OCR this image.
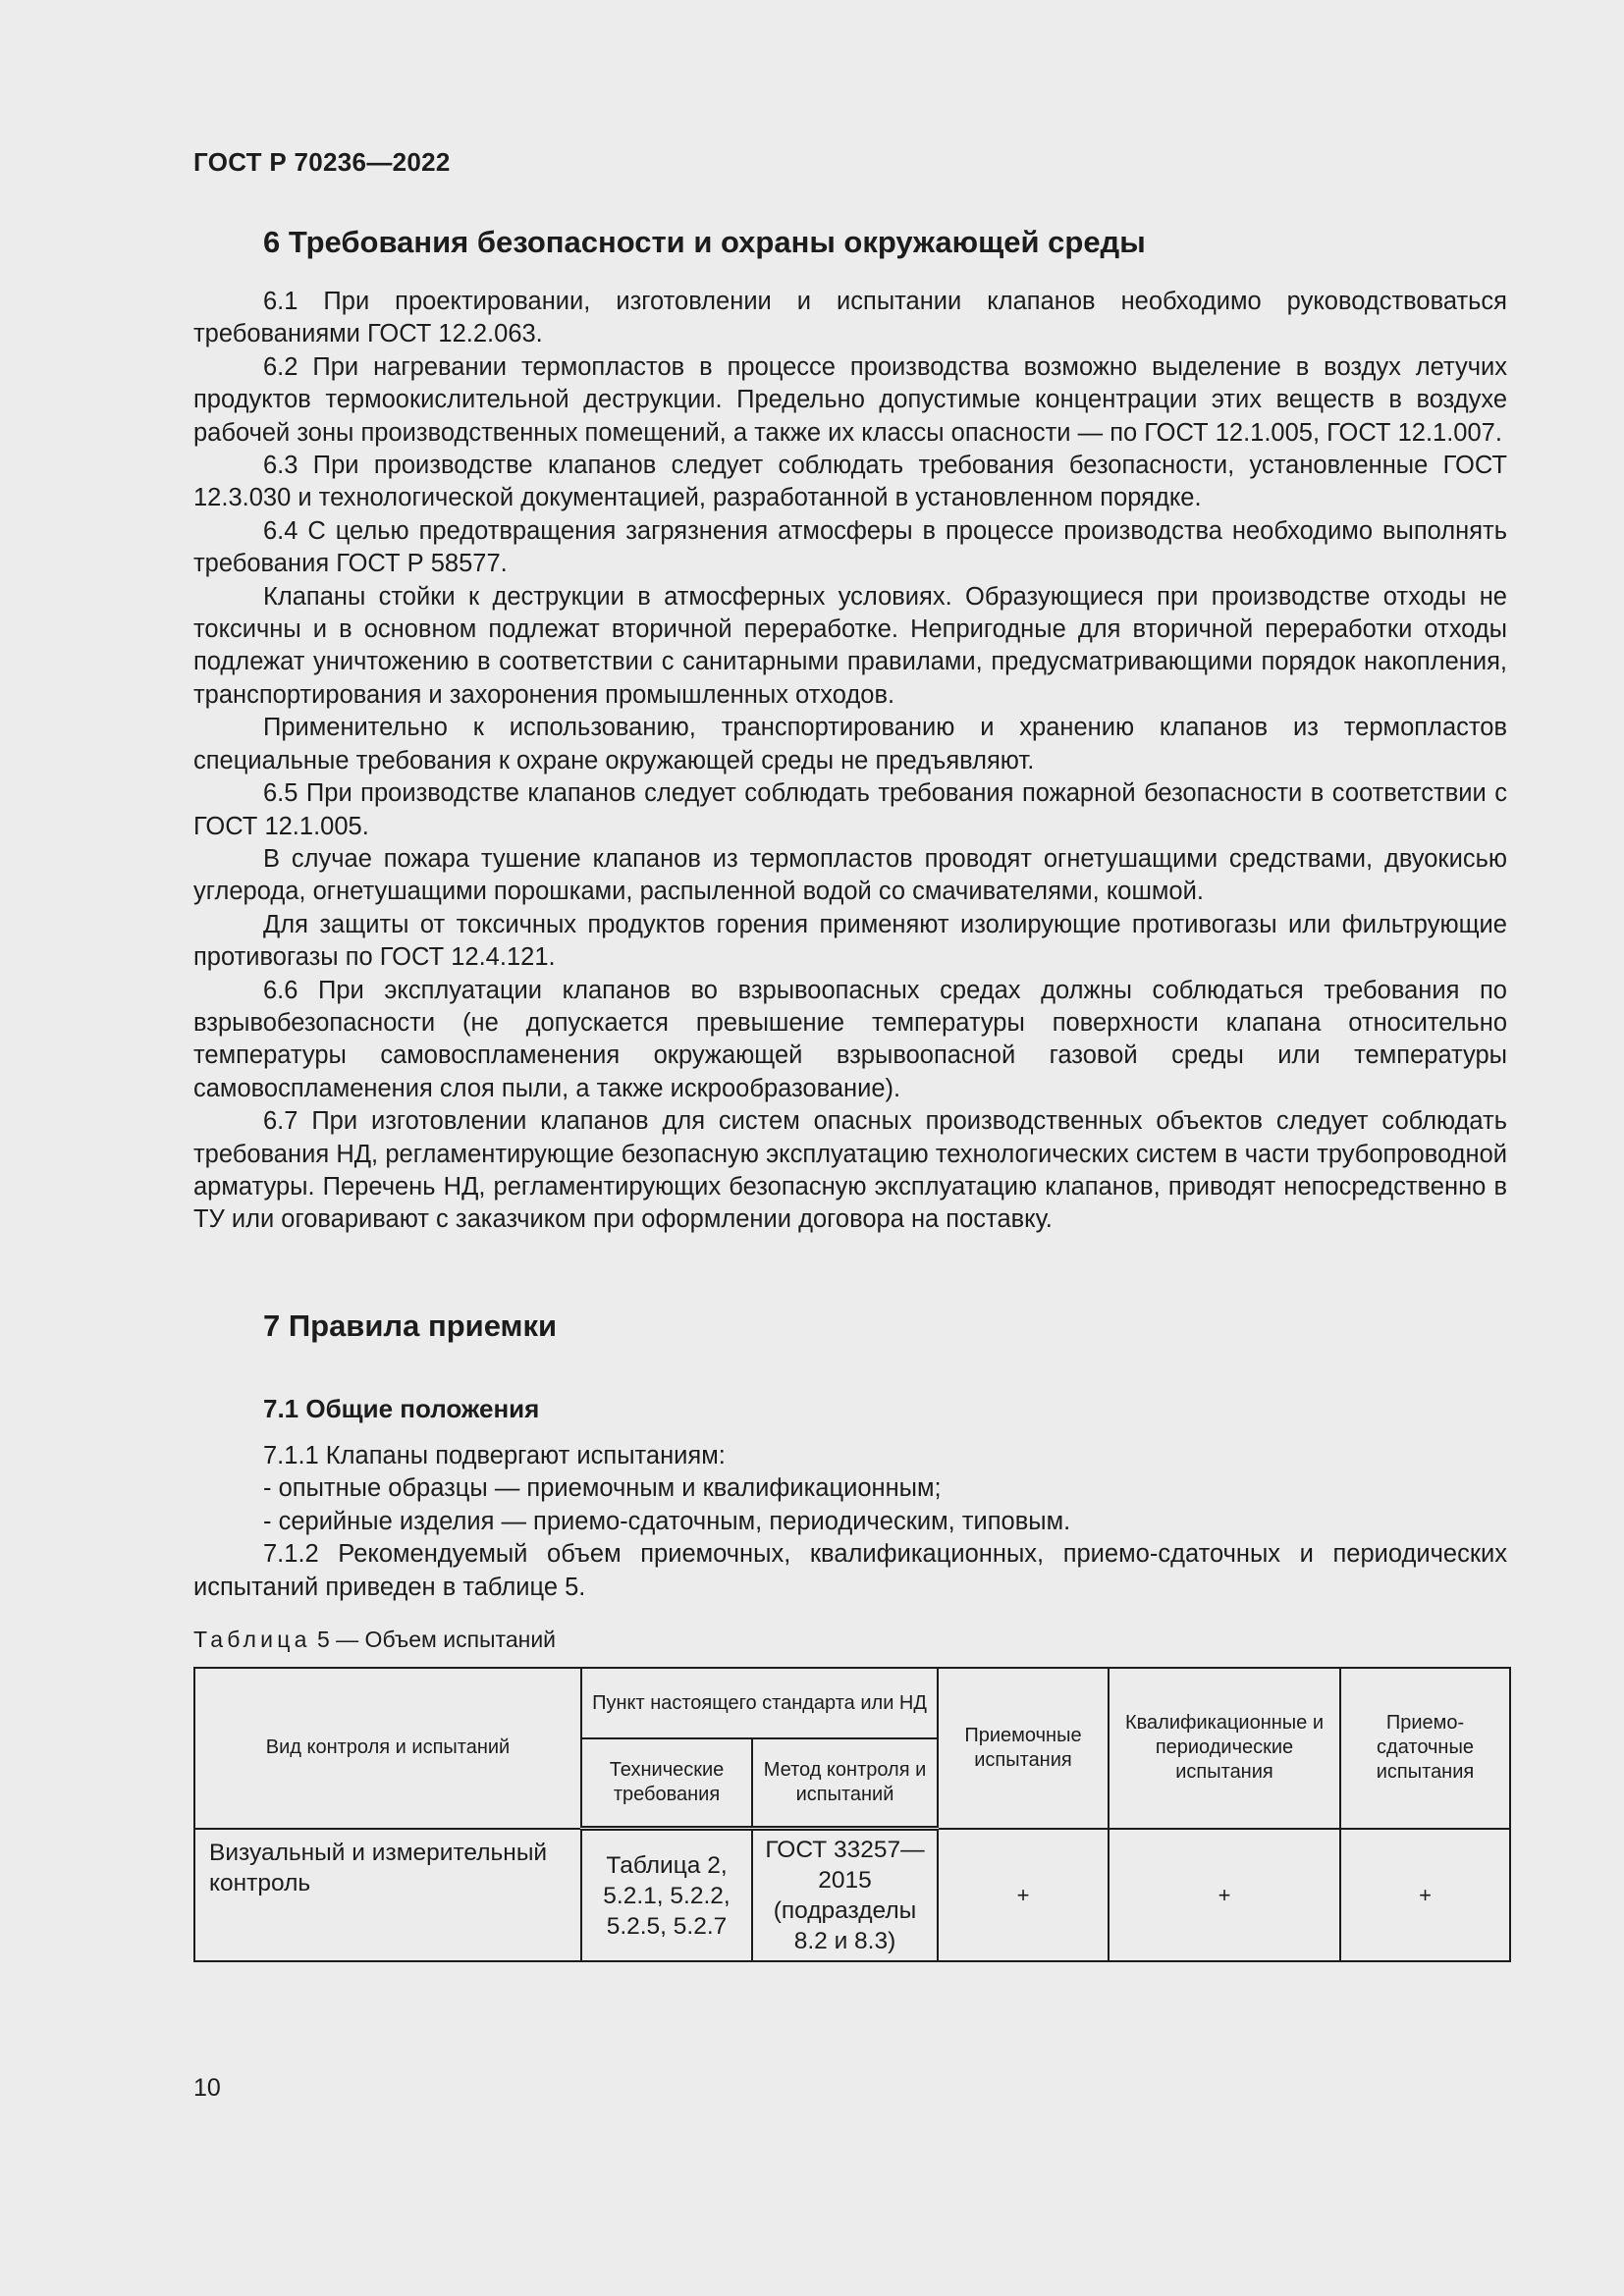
ГОСТ Р 70236—2022
6 Требования безопасности и охраны окружающей среды

6.1 При проектировании, изготовлении и испытании клапанов необходимо руководствоваться требованиями ГОСТ 12.2.063.

6.2 При нагревании термопластов в процессе производства возможно выделение в воздух летучих продуктов термоокислительной деструкции. Предельно допустимые концентрации этих веществ в воздухе рабочей зоны производственных помещений, а также их классы опасности — по ГОСТ 12.1.005, ГОСТ 12.1.007.

6.3 При производстве клапанов следует соблюдать требования безопасности, установленные ГОСТ 12.3.030 и технологической документацией, разработанной в установленном порядке.

6.4 С целью предотвращения загрязнения атмосферы в процессе производства необходимо выполнять требования ГОСТ Р 58577.

Клапаны стойки к деструкции в атмосферных условиях. Образующиеся при производстве отходы не токсичны и в основном подлежат вторичной переработке. Непригодные для вторичной переработки отходы подлежат уничтожению в соответствии с санитарными правилами, предусматривающими порядок накопления, транспортирования и захоронения промышленных отходов.

Применительно к использованию, транспортированию и хранению клапанов из термопластов специальные требования к охране окружающей среды не предъявляют.

6.5 При производстве клапанов следует соблюдать требования пожарной безопасности в соответствии с ГОСТ 12.1.005.

В случае пожара тушение клапанов из термопластов проводят огнетушащими средствами, двуокисью углерода, огнетушащими порошками, распыленной водой со смачивателями, кошмой.

Для защиты от токсичных продуктов горения применяют изолирующие противогазы или фильтрующие противогазы по ГОСТ 12.4.121.

6.6 При эксплуатации клапанов во взрывоопасных средах должны соблюдаться требования по взрывобезопасности (не допускается превышение температуры поверхности клапана относительно температуры самовоспламенения окружающей взрывоопасной газовой среды или температуры самовоспламенения слоя пыли, а также искрообразование).

6.7 При изготовлении клапанов для систем опасных производственных объектов следует соблюдать требования НД, регламентирующие безопасную эксплуатацию технологических систем в части трубопроводной арматуры. Перечень НД, регламентирующих безопасную эксплуатацию клапанов, приводят непосредственно в ТУ или оговаривают с заказчиком при оформлении договора на поставку.

7 Правила приемки
7.1 Общие положения

7.1.1 Клапаны подвергают испытаниям:

- опытные образцы — приемочным и квалификационным;

- серийные изделия — приемо-сдаточным, периодическим, типовым.

7.1.2 Рекомендуемый объем приемочных, квалификационных, приемо-сдаточных и периодических испытаний приведен в таблице 5.

Таблица 5 — Объем испытаний
Вид контроля и испытаний	Пункт настоящего стандарта или НД		Приемочные испытания	Квалификационные и периодические испытания	Приемо-сдаточные испытания
	Технические требования	Метод контроля и испытаний			
Визуальный и измерительный контроль	Таблица 2, 5.2.1, 5.2.2, 5.2.5, 5.2.7	ГОСТ 33257—2015 (подразделы 8.2 и 8.3)	+	+	+
10
